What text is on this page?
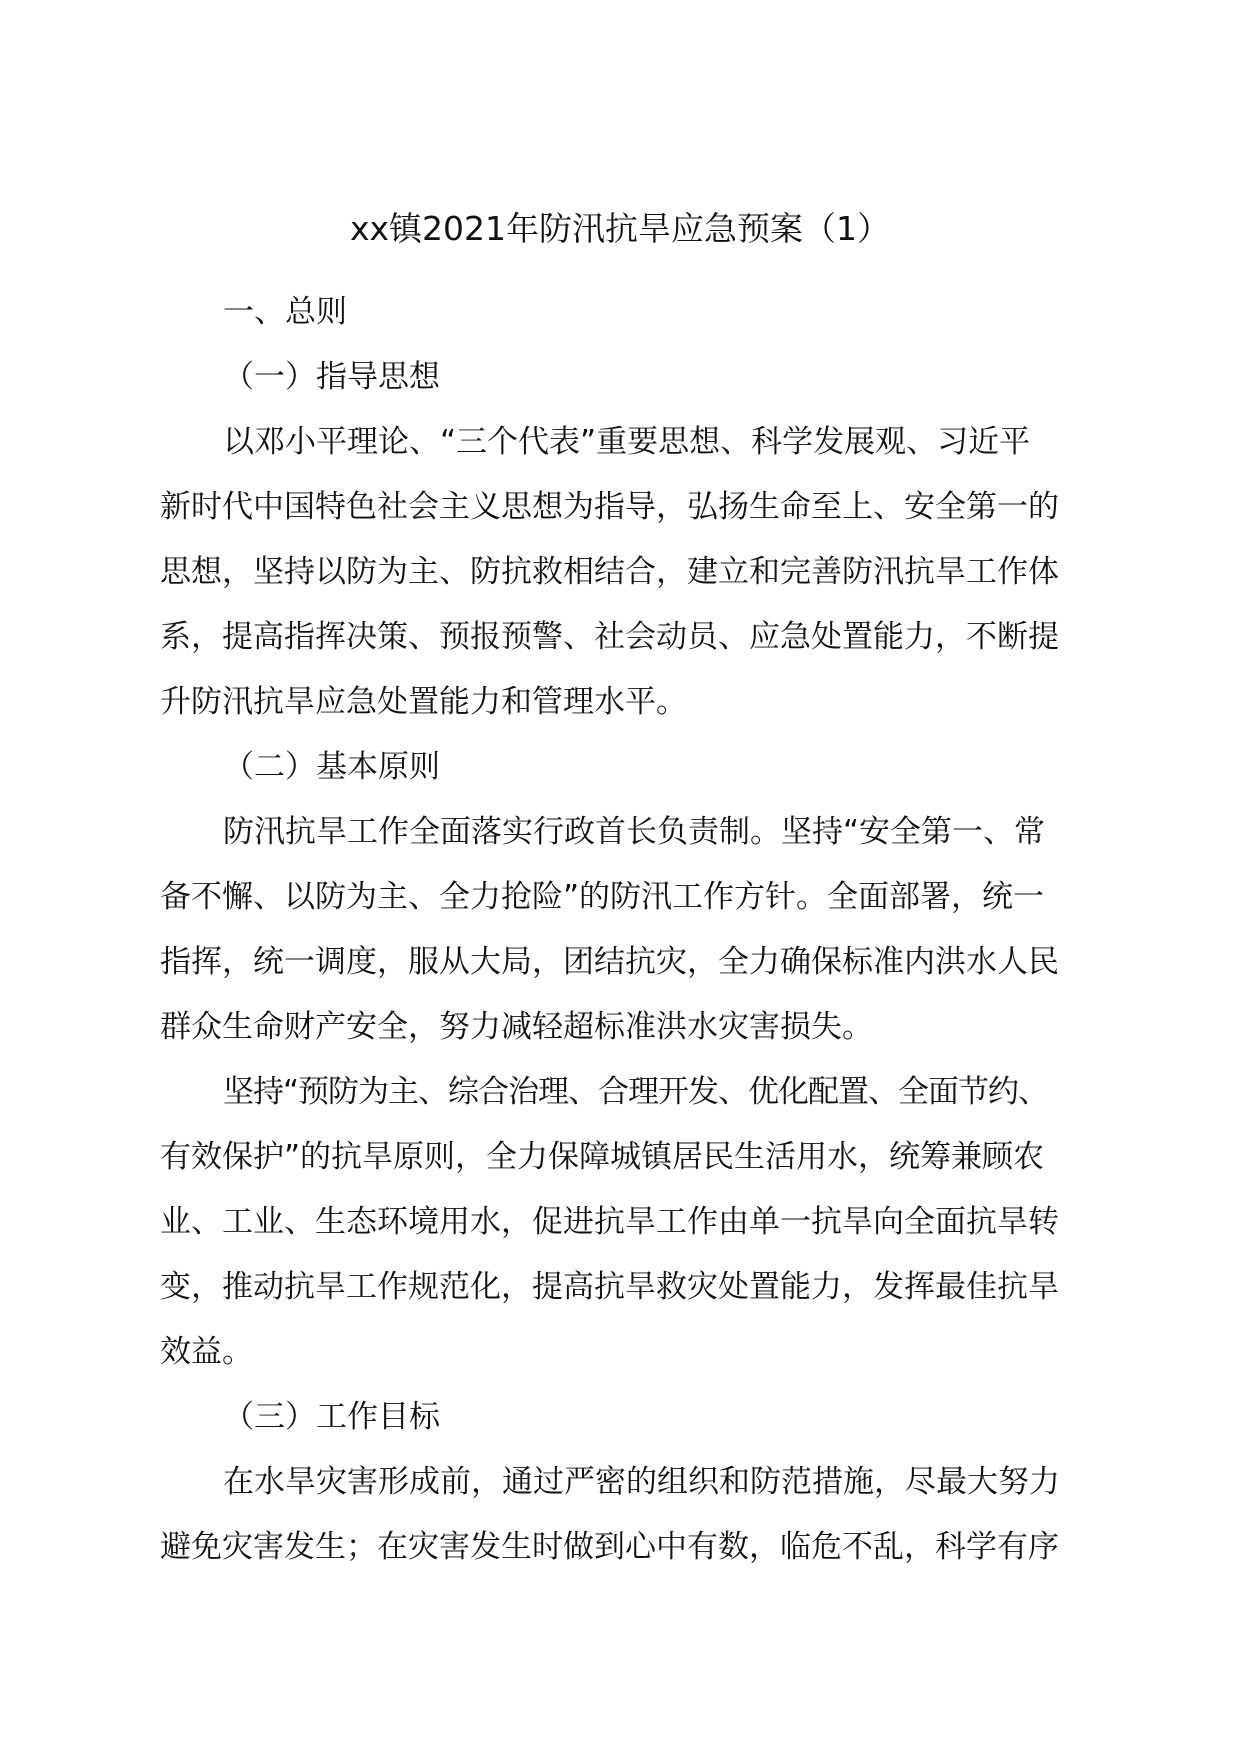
xx镇2021年防汛抗旱应急预案（1）

一、总则

（一）指导思想

以邓小平理论、“三个代表”重要思想、科学发展观、习近平

新时代中国特色社会主义思想为指导，弘扬生命至上、安全第一的

思想，坚持以防为主、防抗救相结合，建立和完善防汛抗旱工作体

系，提高指挥决策、预报预警、社会动员、应急处置能力，不断提

升防汛抗旱应急处置能力和管理水平。

（二）基本原则

防汛抗旱工作全面落实行政首长负责制。坚持“安全第一、常

备不懈、以防为主、全力抢险”的防汛工作方针。全面部署，统一

指挥，统一调度，服从大局，团结抗灾，全力确保标准内洪水人民

群众生命财产安全，努力减轻超标准洪水灾害损失。

坚持“预防为主、综合治理、合理开发、优化配置、全面节约、

有效保护”的抗旱原则，全力保障城镇居民生活用水，统筹兼顾农

业、工业、生态环境用水，促进抗旱工作由单一抗旱向全面抗旱转

变，推动抗旱工作规范化，提高抗旱救灾处置能力，发挥最佳抗旱

效益。

（三）工作目标

在水旱灾害形成前，通过严密的组织和防范措施，尽最大努力

避免灾害发生；在灾害发生时做到心中有数，临危不乱，科学有序
